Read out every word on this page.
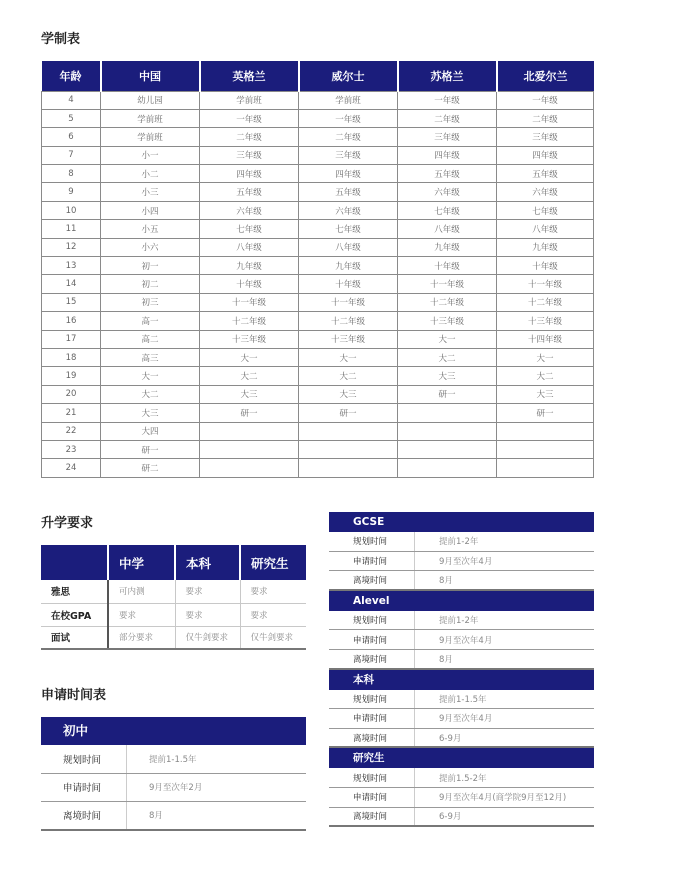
学制表
升学要求
申请时间表
年龄	中国	英格兰	威尔士	苏格兰	北爱尔兰
4	幼儿园	学前班	学前班	一年级	一年级
5	学前班	一年级	一年级	二年级	二年级
6	学前班	二年级	二年级	三年级	三年级
7	小一	三年级	三年级	四年级	四年级
8	小二	四年级	四年级	五年级	五年级
9	小三	五年级	五年级	六年级	六年级
10	小四	六年级	六年级	七年级	七年级
11	小五	七年级	七年级	八年级	八年级
12	小六	八年级	八年级	九年级	九年级
13	初一	九年级	九年级	十年级	十年级
14	初二	十年级	十年级	十一年级	十一年级
15	初三	十一年级	十一年级	十二年级	十二年级
16	高一	十二年级	十二年级	十三年级	十三年级
17	高二	十三年级	十三年级	大一	十四年级
18	高三	大一	大一	大二	大一
19	大一	大二	大二	大三	大二
20	大二	大三	大三	研一	大三
21	大三	研一	研一		研一
22	大四				
23	研一				
24	研二				
	中学	本科	研究生
雅思	可内测	要求	要求
在校GPA	要求	要求	要求
面试	部分要求	仅牛剑要求	仅牛剑要求
初中
规划时间	提前1-1.5年
申请时间	9月至次年2月
离境时间	8月
GCSE
规划时间	提前1-2年
申请时间	9月至次年4月
离境时间	8月
Alevel
规划时间	提前1-2年
申请时间	9月至次年4月
离境时间	8月
本科
规划时间	提前1-1.5年
申请时间	9月至次年4月
离境时间	6-9月
研究生
规划时间	提前1.5-2年
申请时间	9月至次年4月(商学院9月至12月)
离境时间	6-9月
